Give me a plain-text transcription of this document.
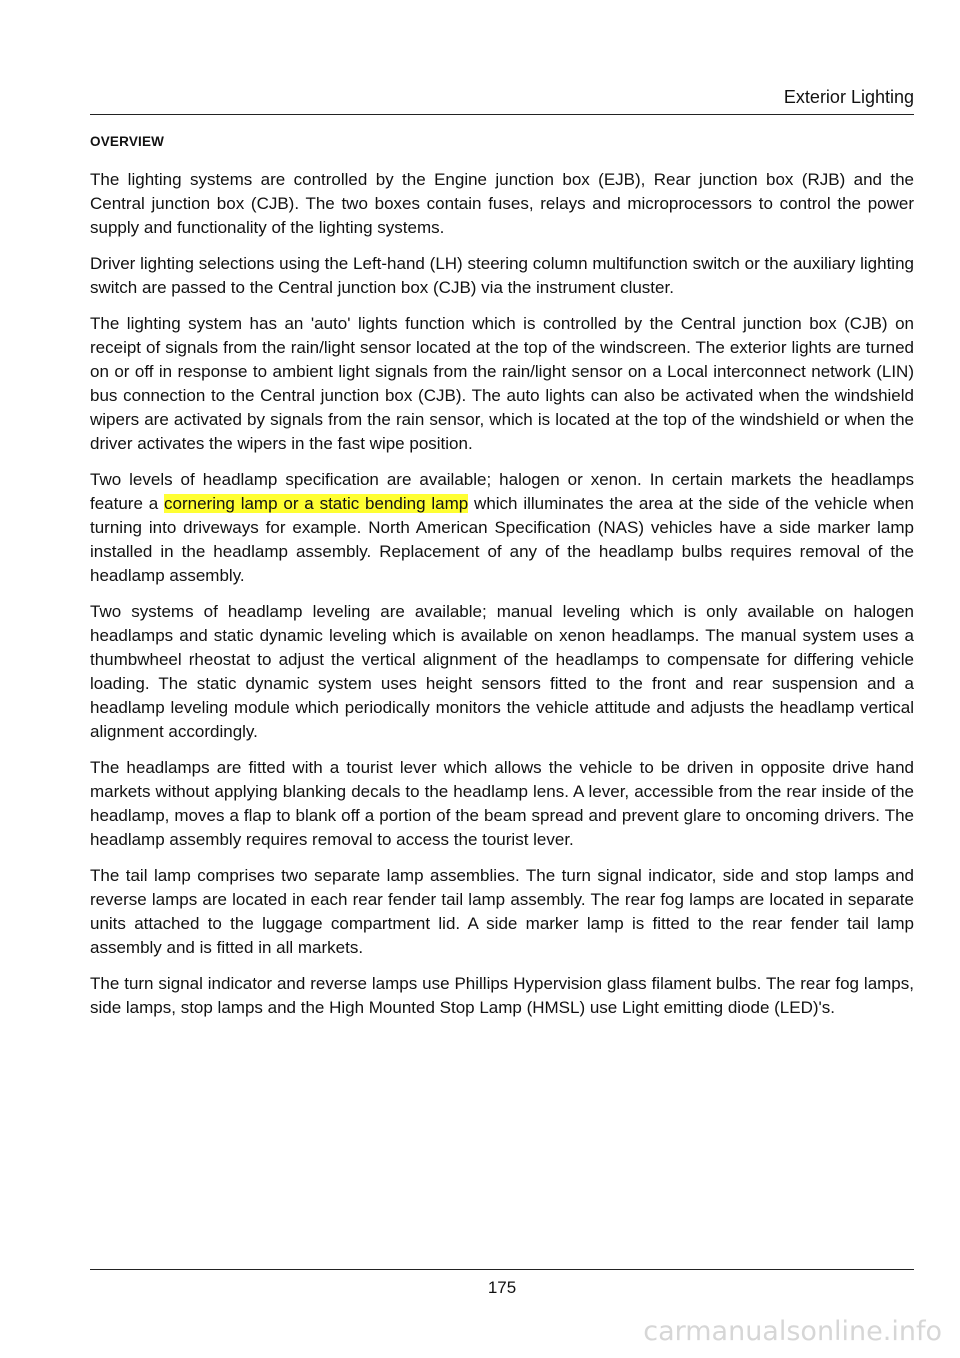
Exterior Lighting
OVERVIEW

The lighting systems are controlled by the Engine junction box (EJB), Rear junction box (RJB) and the Central junction box (CJB). The two boxes contain fuses, relays and microprocessors to control the power supply and functionality of the lighting systems.

Driver lighting selections using the Left-hand (LH) steering column multifunction switch or the auxiliary lighting switch are passed to the Central junction box (CJB) via the instrument cluster.

The lighting system has an 'auto' lights function which is controlled by the Central junction box (CJB) on receipt of signals from the rain/light sensor located at the top of the windscreen. The exterior lights are turned on or off in response to ambient light signals from the rain/light sensor on a Local interconnect network (LIN) bus connection to the Central junction box (CJB). The auto lights can also be activated when the windshield wipers are activated by signals from the rain sensor, which is located at the top of the windshield or when the driver activates the wipers in the fast wipe position.

Two levels of headlamp specification are available; halogen or xenon. In certain markets the headlamps feature a cornering lamp or a static bending lamp which illuminates the area at the side of the vehicle when turning into driveways for example. North American Specification (NAS) vehicles have a side marker lamp installed in the headlamp assembly. Replacement of any of the headlamp bulbs requires removal of the headlamp assembly.

Two systems of headlamp leveling are available; manual leveling which is only available on halogen headlamps and static dynamic leveling which is available on xenon headlamps. The manual system uses a thumbwheel rheostat to adjust the vertical alignment of the headlamps to compensate for differing vehicle loading. The static dynamic system uses height sensors fitted to the front and rear suspension and a headlamp leveling module which periodically monitors the vehicle attitude and adjusts the headlamp vertical alignment accordingly.

The headlamps are fitted with a tourist lever which allows the vehicle to be driven in opposite drive hand markets without applying blanking decals to the headlamp lens. A lever, accessible from the rear inside of the headlamp, moves a flap to blank off a portion of the beam spread and prevent glare to oncoming drivers. The headlamp assembly requires removal to access the tourist lever.

The tail lamp comprises two separate lamp assemblies. The turn signal indicator, side and stop lamps and reverse lamps are located in each rear fender tail lamp assembly. The rear fog lamps are located in separate units attached to the luggage compartment lid. A side marker lamp is fitted to the rear fender tail lamp assembly and is fitted in all markets.

The turn signal indicator and reverse lamps use Phillips Hypervision glass filament bulbs. The rear fog lamps, side lamps, stop lamps and the High Mounted Stop Lamp (HMSL) use Light emitting diode (LED)'s.

175
carmanualsonline.info
